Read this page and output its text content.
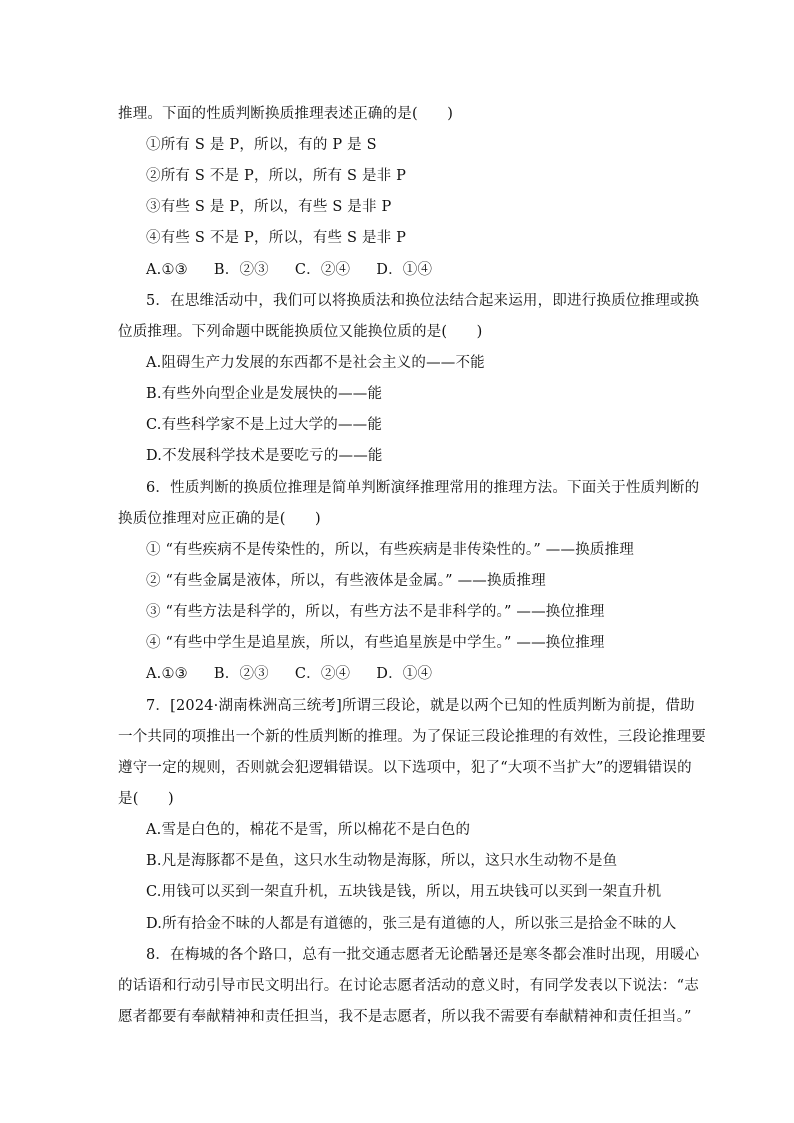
推理。下面的性质判断换质推理表述正确的是(　　)
①所有 S 是 P，所以，有的 P 是 S
②所有 S 不是 P，所以，所有 S 是非 P
③有些 S 是 P，所以，有些 S 是非 P
④有些 S 不是 P，所以，有些 S 是非 P
A.①③ B．②③ C．②④ D．①④
5．在思维活动中，我们可以将换质法和换位法结合起来运用，即进行换质位推理或换
位质推理。下列命题中既能换质位又能换位质的是(　　)
A.阻碍生产力发展的东西都不是社会主义的——不能
B.有些外向型企业是发展快的——能
C.有些科学家不是上过大学的——能
D.不发展科学技术是要吃亏的——能
6．性质判断的换质位推理是简单判断演绎推理常用的推理方法。下面关于性质判断的
换质位推理对应正确的是(　　)
① “有些疾病不是传染性的，所以，有些疾病是非传染性的。” ——换质推理
② “有些金属是液体，所以，有些液体是金属。” ——换质推理
③ “有些方法是科学的，所以，有些方法不是非科学的。” ——换位推理
④ “有些中学生是追星族，所以，有些追星族是中学生。” ——换位推理
A.①③ B．②③ C．②④ D．①④
7．[2024·湖南株洲高三统考]所谓三段论，就是以两个已知的性质判断为前提，借助
一个共同的项推出一个新的性质判断的推理。为了保证三段论推理的有效性，三段论推理要
遵守一定的规则，否则就会犯逻辑错误。以下选项中，犯了“大项不当扩大”的逻辑错误的
是(　　)
A.雪是白色的，棉花不是雪，所以棉花不是白色的
B.凡是海豚都不是鱼，这只水生动物是海豚，所以，这只水生动物不是鱼
C.用钱可以买到一架直升机，五块钱是钱，所以，用五块钱可以买到一架直升机
D.所有拾金不昧的人都是有道德的，张三是有道德的人，所以张三是拾金不昧的人
8．在梅城的各个路口，总有一批交通志愿者无论酷暑还是寒冬都会准时出现，用暖心
的话语和行动引导市民文明出行。在讨论志愿者活动的意义时，有同学发表以下说法：“志
愿者都要有奉献精神和责任担当，我不是志愿者，所以我不需要有奉献精神和责任担当。”
